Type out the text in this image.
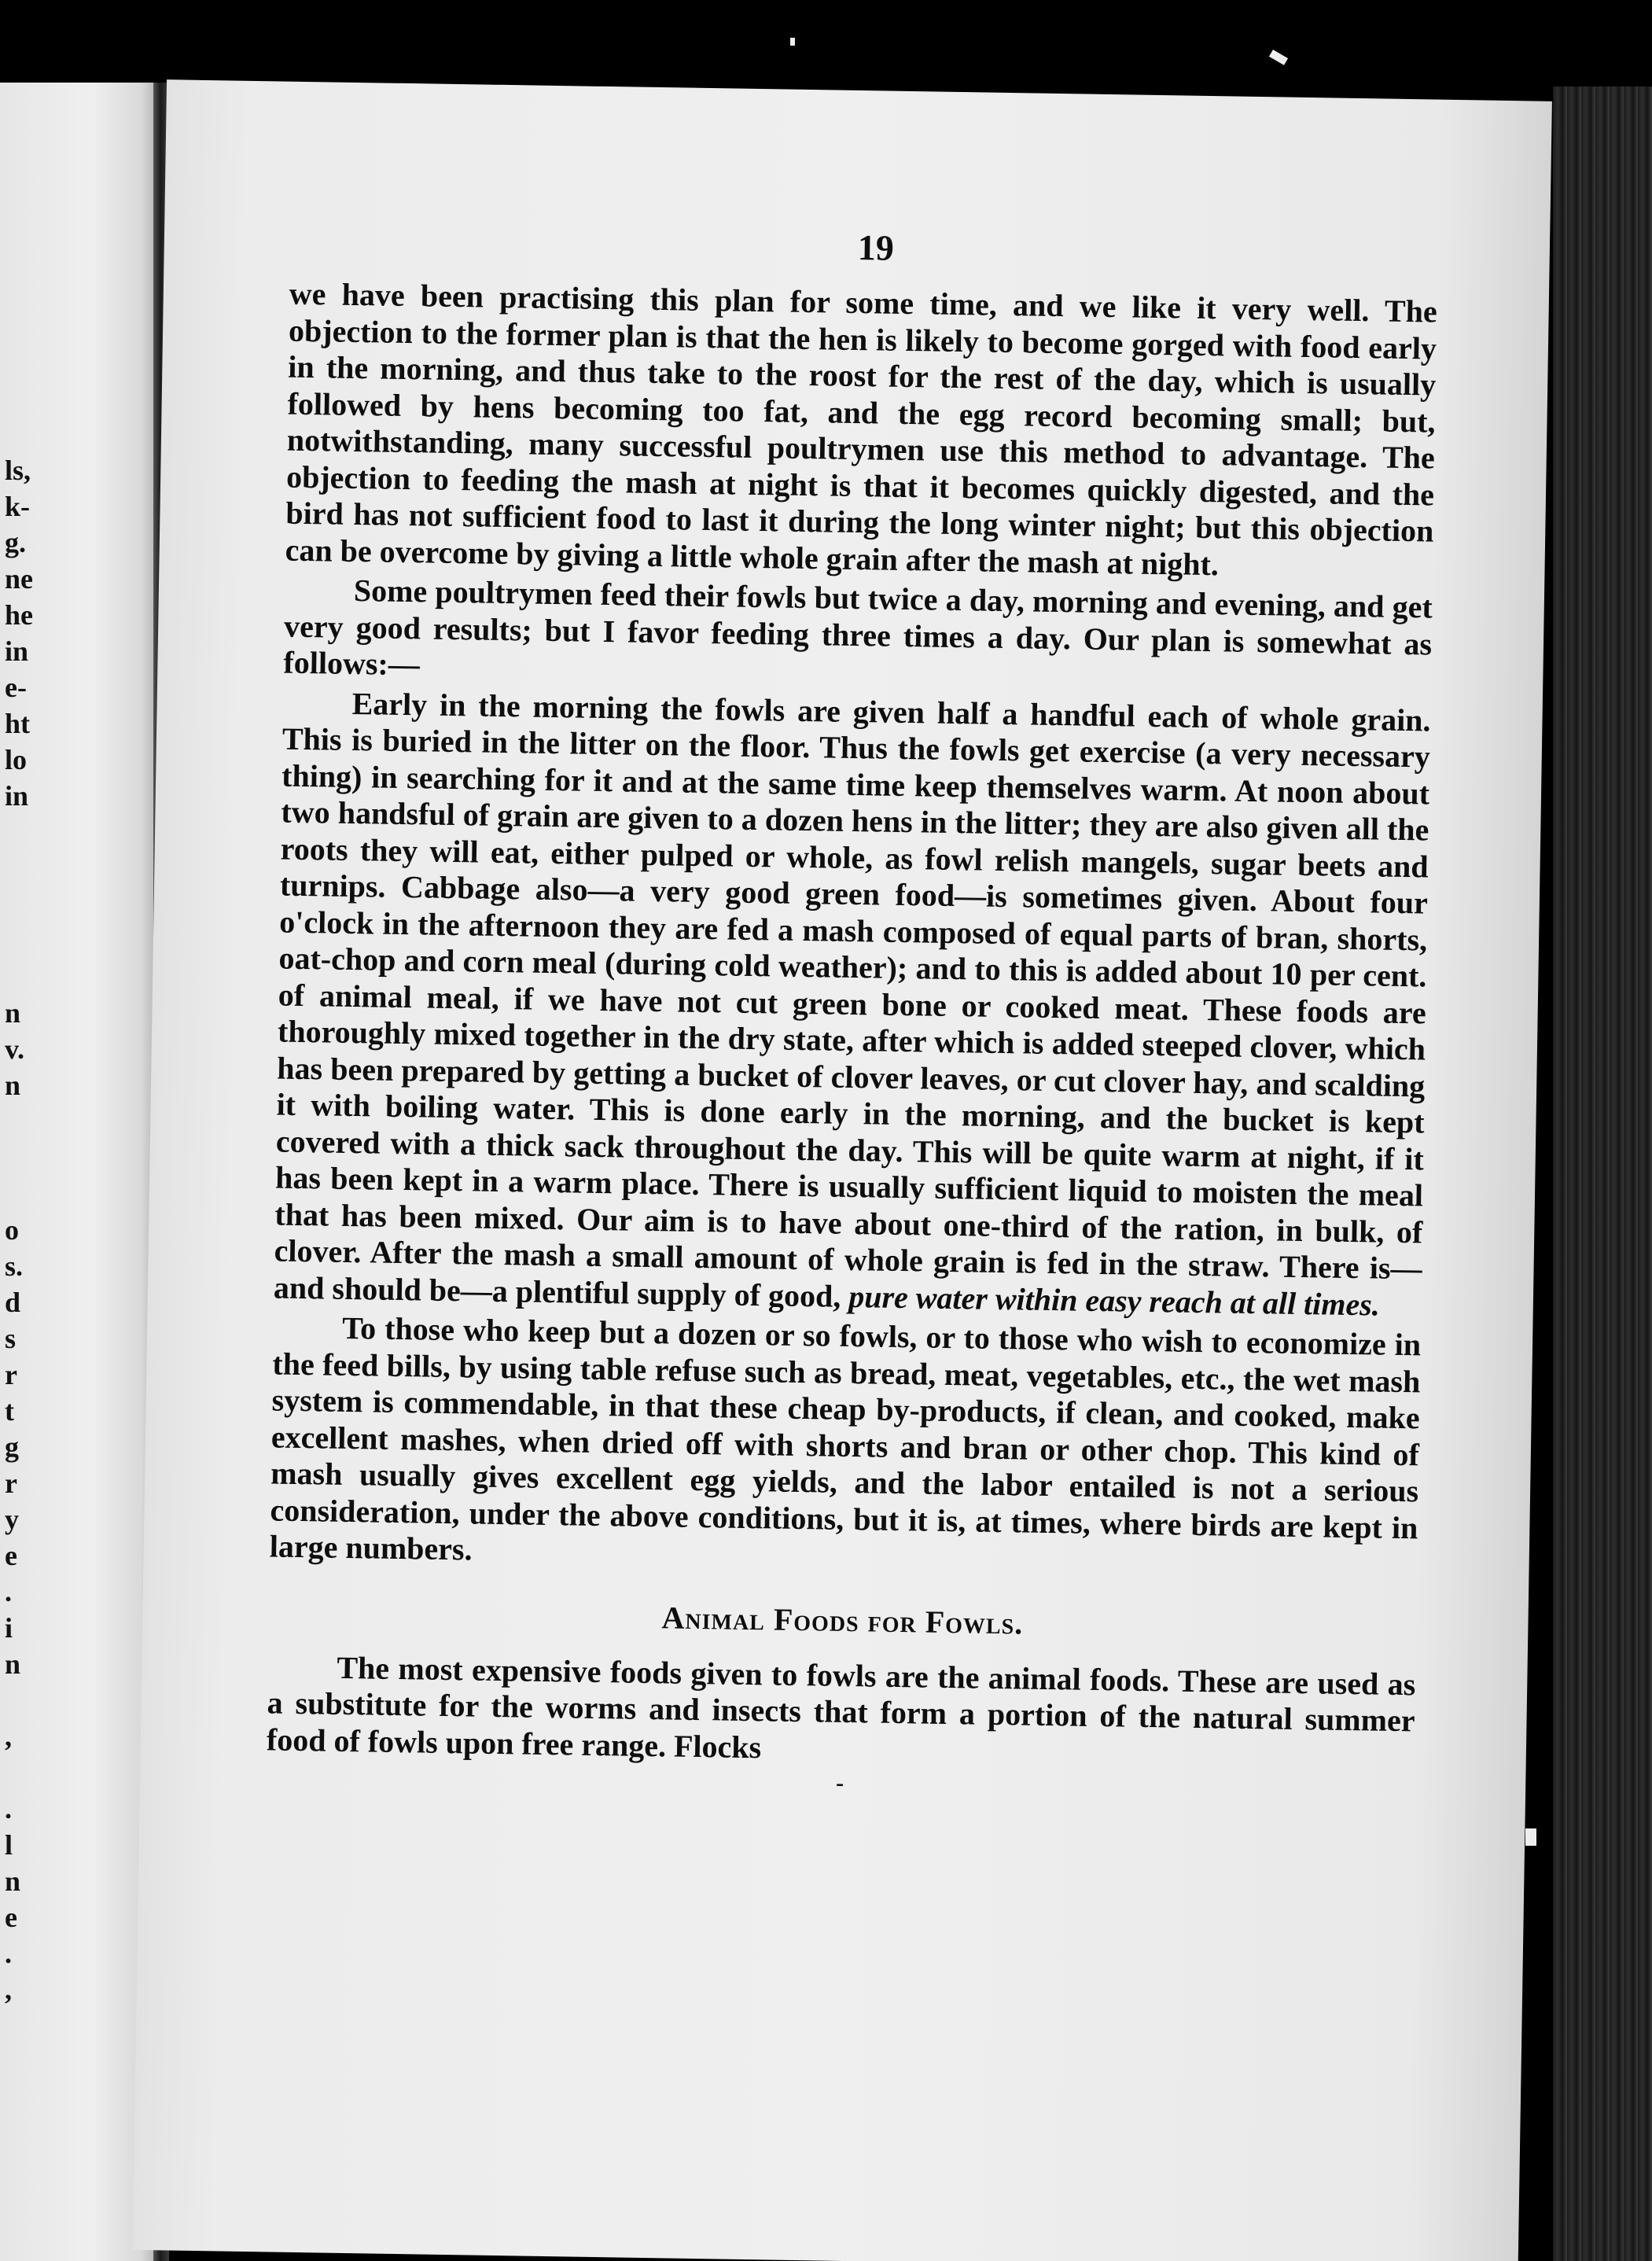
ls,
k-
g.
ne
he
in
e-
ht
lo
in
n
v.
n
o
s.
d
s
r
t
g
r
y
e
.
i
n
,
.
l
n
e
.
,
19

we have been practising this plan for some time, and we like it very well. The objection to the former plan is that the hen is likely to become gorged with food early in the morning, and thus take to the roost for the rest of the day, which is usually followed by hens becoming too fat, and the egg record becoming small; but, notwithstanding, many successful poultrymen use this method to advantage. The objection to feeding the mash at night is that it becomes quickly digested, and the bird has not sufficient food to last it during the long winter night; but this objection can be overcome by giving a little whole grain after the mash at night.

Some poultrymen feed their fowls but twice a day, morning and evening, and get very good results; but I favor feeding three times a day. Our plan is somewhat as follows:—

Early in the morning the fowls are given half a handful each of whole grain. This is buried in the litter on the floor. Thus the fowls get exercise (a very necessary thing) in searching for it and at the same time keep themselves warm. At noon about two handsful of grain are given to a dozen hens in the litter; they are also given all the roots they will eat, either pulped or whole, as fowl relish mangels, sugar beets and turnips. Cabbage also—a very good green food—is sometimes given. About four o'clock in the afternoon they are fed a mash composed of equal parts of bran, shorts, oat-chop and corn meal (during cold weather); and to this is added about 10 per cent. of animal meal, if we have not cut green bone or cooked meat. These foods are thoroughly mixed together in the dry state, after which is added steeped clover, which has been prepared by getting a bucket of clover leaves, or cut clover hay, and scalding it with boiling water. This is done early in the morning, and the bucket is kept covered with a thick sack throughout the day. This will be quite warm at night, if it has been kept in a warm place. There is usually sufficient liquid to moisten the meal that has been mixed. Our aim is to have about one-third of the ration, in bulk, of clover. After the mash a small amount of whole grain is fed in the straw. There is—and should be—a plentiful supply of good, pure water within easy reach at all times.

To those who keep but a dozen or so fowls, or to those who wish to economize in the feed bills, by using table refuse such as bread, meat, vegetables, etc., the wet mash system is commendable, in that these cheap by-products, if clean, and cooked, make excellent mashes, when dried off with shorts and bran or other chop. This kind of mash usually gives excellent egg yields, and the labor entailed is not a serious consideration, under the above conditions, but it is, at times, where birds are kept in large numbers.

Animal Foods for Fowls.

The most expensive foods given to fowls are the animal foods. These are used as a substitute for the worms and insects that form a portion of the natural summer food of fowls upon free range. Flocks

-
